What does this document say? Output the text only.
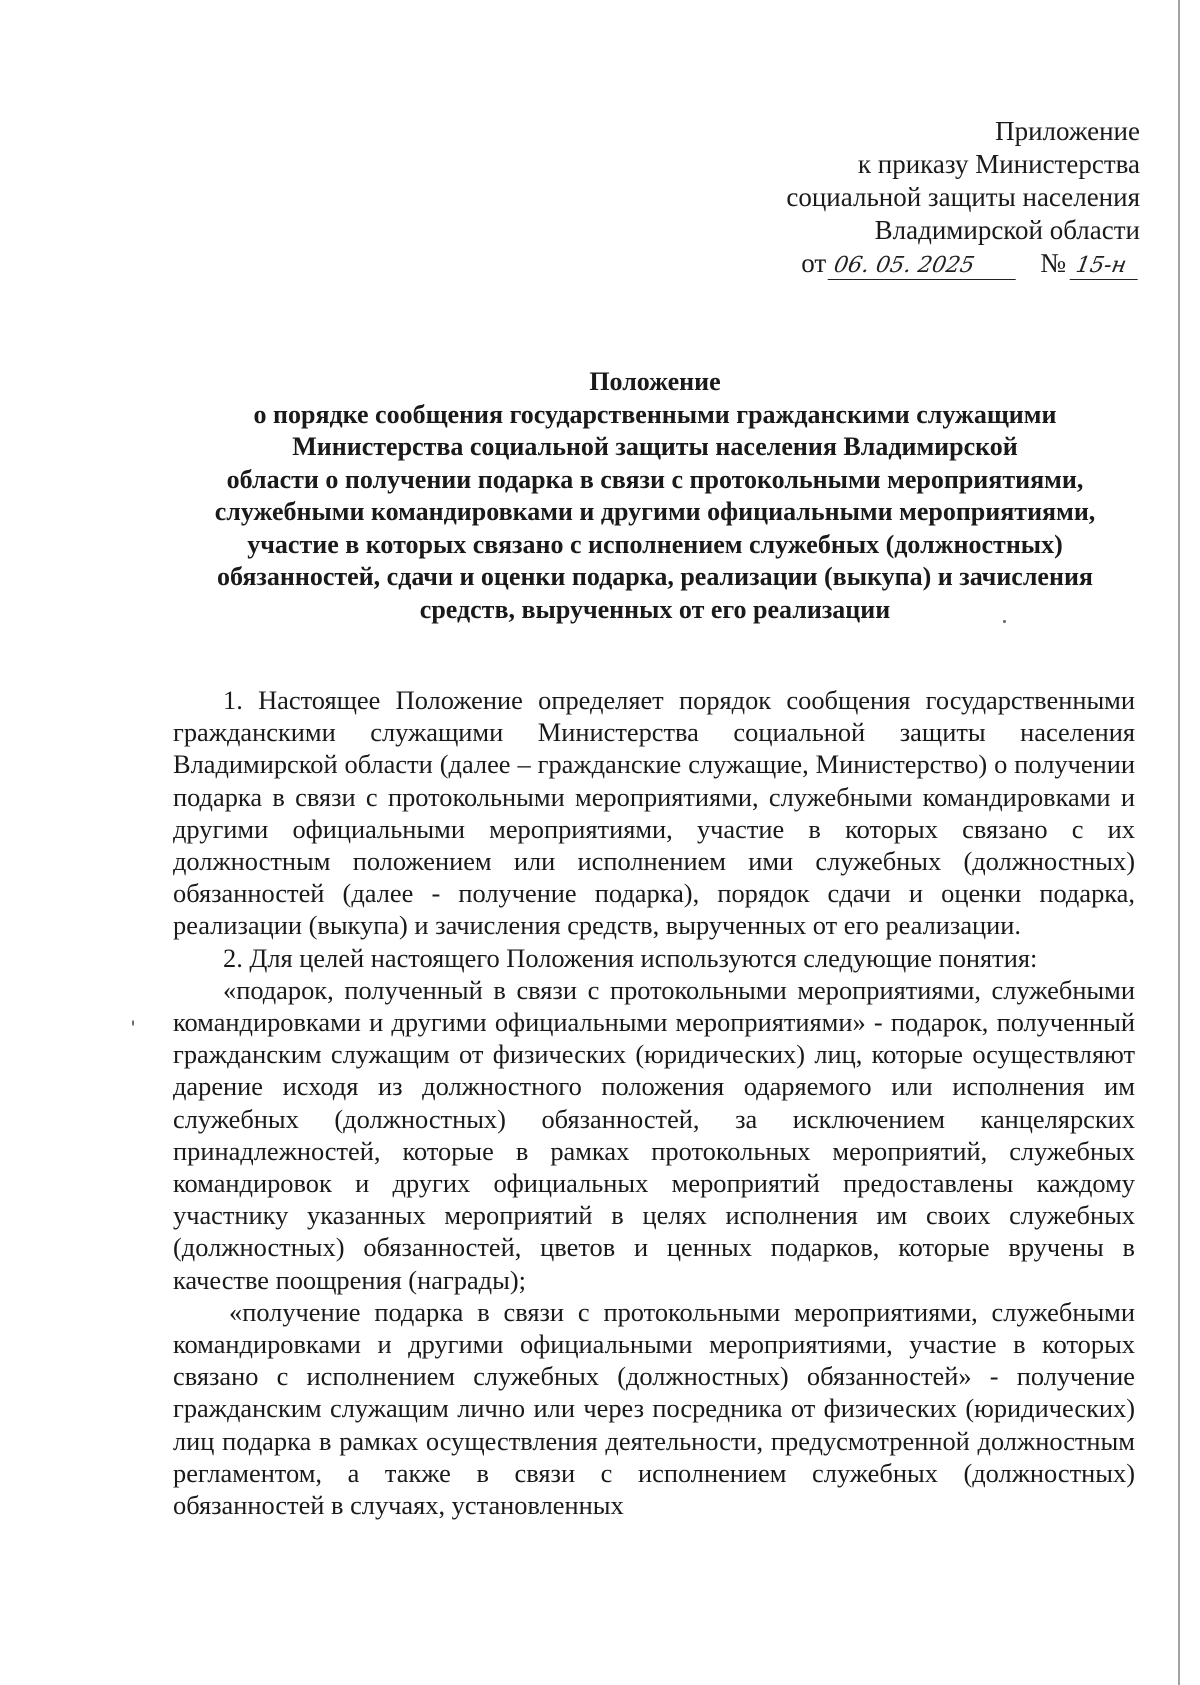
Приложение
к приказу Министерства
социальной защиты населения
Владимирской области
от 06. 05. 2025	№ 15-н
Положение
о порядке сообщения государственными гражданскими служащими
Министерства социальной защиты населения Владимирской
области о получении подарка в связи с протокольными мероприятиями,
служебными командировками и другими официальными мероприятиями,
участие в которых связано с исполнением служебных (должностных)
обязанностей, сдачи и оценки подарка, реализации (выкупа) и зачисления
средств, вырученных от его реализации

1. Настоящее Положение определяет порядок сообщения государственными гражданскими служащими Министерства социальной защиты населения Владимирской области (далее – гражданские служащие, Министерство) о получении подарка в связи с протокольными мероприятиями, служебными командировками и другими официальными мероприятиями, участие в которых связано с их должностным положением или исполнением ими служебных (должностных) обязанностей (далее - получение подарка), порядок сдачи и оценки подарка, реализации (выкупа) и зачисления средств, вырученных от его реализации.

2. Для целей настоящего Положения используются следующие понятия:

«подарок, полученный в связи с протокольными мероприятиями, служебными командировками и другими официальными мероприятиями» - подарок, полученный гражданским служащим от физических (юридических) лиц, которые осуществляют дарение исходя из должностного положения одаряемого или исполнения им служебных (должностных) обязанностей, за исключением канцелярских принадлежностей, которые в рамках протокольных мероприятий, служебных командировок и других официальных мероприятий предоставлены каждому участнику указанных мероприятий в целях исполнения им своих служебных (должностных) обязанностей, цветов и ценных подарков, которые вручены в качестве поощрения (награды);

«получение подарка в связи с протокольными мероприятиями, служебными командировками и другими официальными мероприятиями, участие в которых связано с исполнением служебных (должностных) обязанностей» - получение гражданским служащим лично или через посредника от физических (юридических) лиц подарка в рамках осуществления деятельности, предусмотренной должностным регламентом, а также в связи с исполнением служебных (должностных) обязанностей в случаях, установленных
